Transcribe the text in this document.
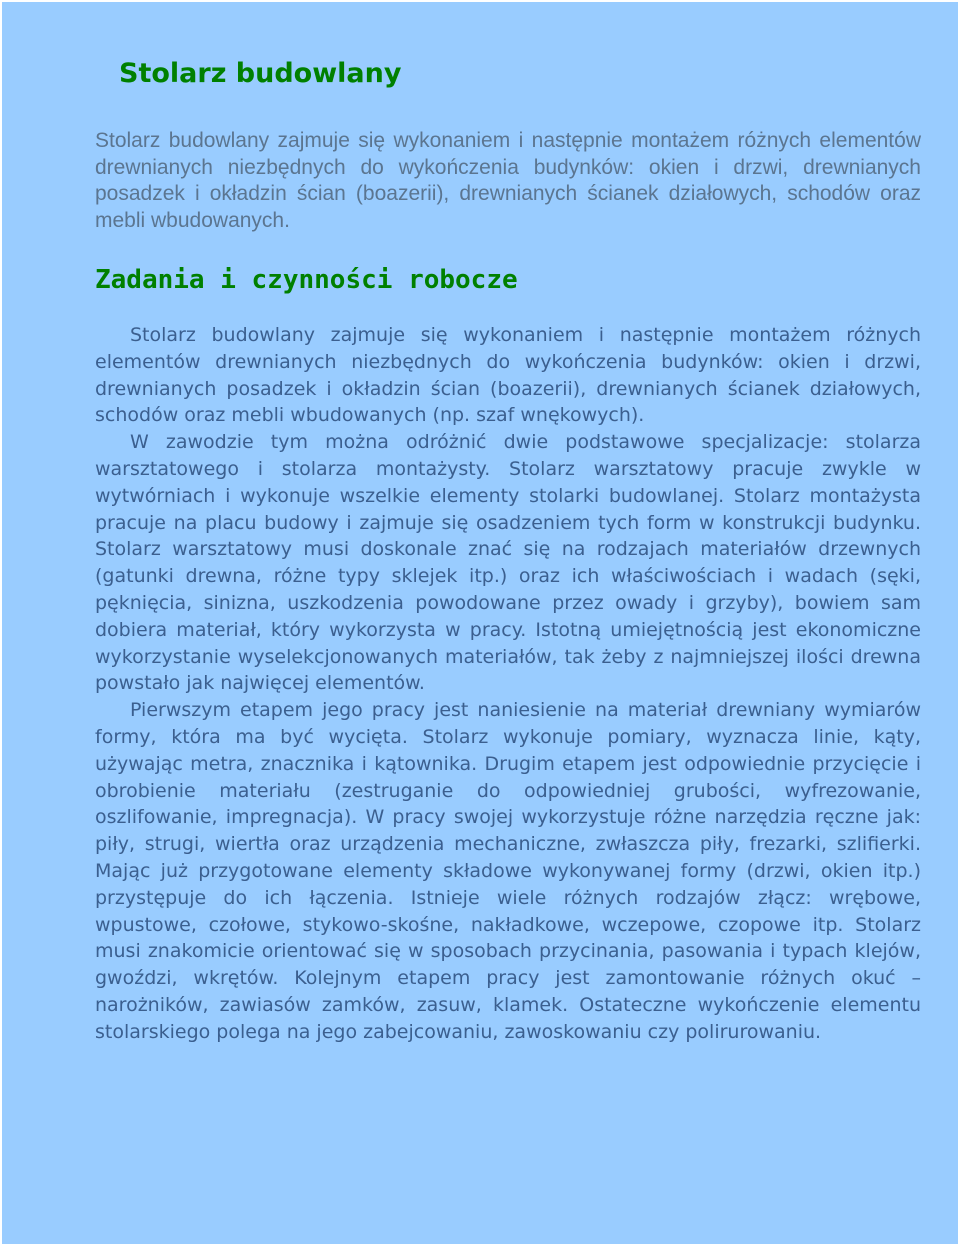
Stolarz budowlany

Stolarz budowlany zajmuje się wykonaniem i następnie montażem różnych elementów drewnianych niezbędnych do wykończenia budynków: okien i drzwi, drewnianych posadzek i okładzin ścian (boazerii), drewnianych ścianek działowych, schodów oraz mebli wbudowanych.

Zadania i czynności robocze

Stolarz budowlany zajmuje się wykonaniem i następnie montażem różnych elementów drewnianych niezbędnych do wykończenia budynków: okien i drzwi, drewnianych posadzek i okładzin ścian (boazerii), drewnianych ścianek działowych, schodów oraz mebli wbudowanych (np. szaf wnękowych).

W zawodzie tym można odróżnić dwie podstawowe specjalizacje: stolarza warsztatowego i stolarza montażysty. Stolarz warsztatowy pracuje zwykle w wytwórniach i wykonuje wszelkie elementy stolarki budowlanej. Stolarz montażysta pracuje na placu budowy i zajmuje się osadzeniem tych form w konstrukcji budynku. Stolarz warsztatowy musi doskonale znać się na rodzajach materiałów drzewnych (gatunki drewna, różne typy sklejek itp.) oraz ich właściwościach i wadach (sęki, pęknięcia, sinizna, uszkodzenia powodowane przez owady i grzyby), bowiem sam dobiera materiał, który wykorzysta w pracy. Istotną umiejętnością jest ekonomiczne wykorzystanie wyselekcjonowanych materiałów, tak żeby z najmniejszej ilości drewna powstało jak najwięcej elementów.

Pierwszym etapem jego pracy jest naniesienie na materiał drewniany wymiarów formy, która ma być wycięta. Stolarz wykonuje pomiary, wyznacza linie, kąty, używając metra, znacznika i kątownika. Drugim etapem jest odpowiednie przycięcie i obrobienie materiału (zestruganie do odpowiedniej grubości, wyfrezowanie, oszlifowanie, impregnacja). W pracy swojej wykorzystuje różne narzędzia ręczne jak: piły, strugi, wiertła oraz urządzenia mechaniczne, zwłaszcza piły, frezarki, szlifierki. Mając już przygotowane elementy składowe wykonywanej formy (drzwi, okien itp.) przystępuje do ich łączenia. Istnieje wiele różnych rodzajów złącz: wrębowe, wpustowe, czołowe, stykowo-skośne, nakładkowe, wczepowe, czopowe itp. Stolarz musi znakomicie orientować się w sposobach przycinania, pasowania i typach klejów, gwoździ, wkrętów. Kolejnym etapem pracy jest zamontowanie różnych okuć – narożników, zawiasów zamków, zasuw, klamek. Ostateczne wykończenie elementu stolarskiego polega na jego zabejcowaniu, zawoskowaniu czy polirurowaniu.
